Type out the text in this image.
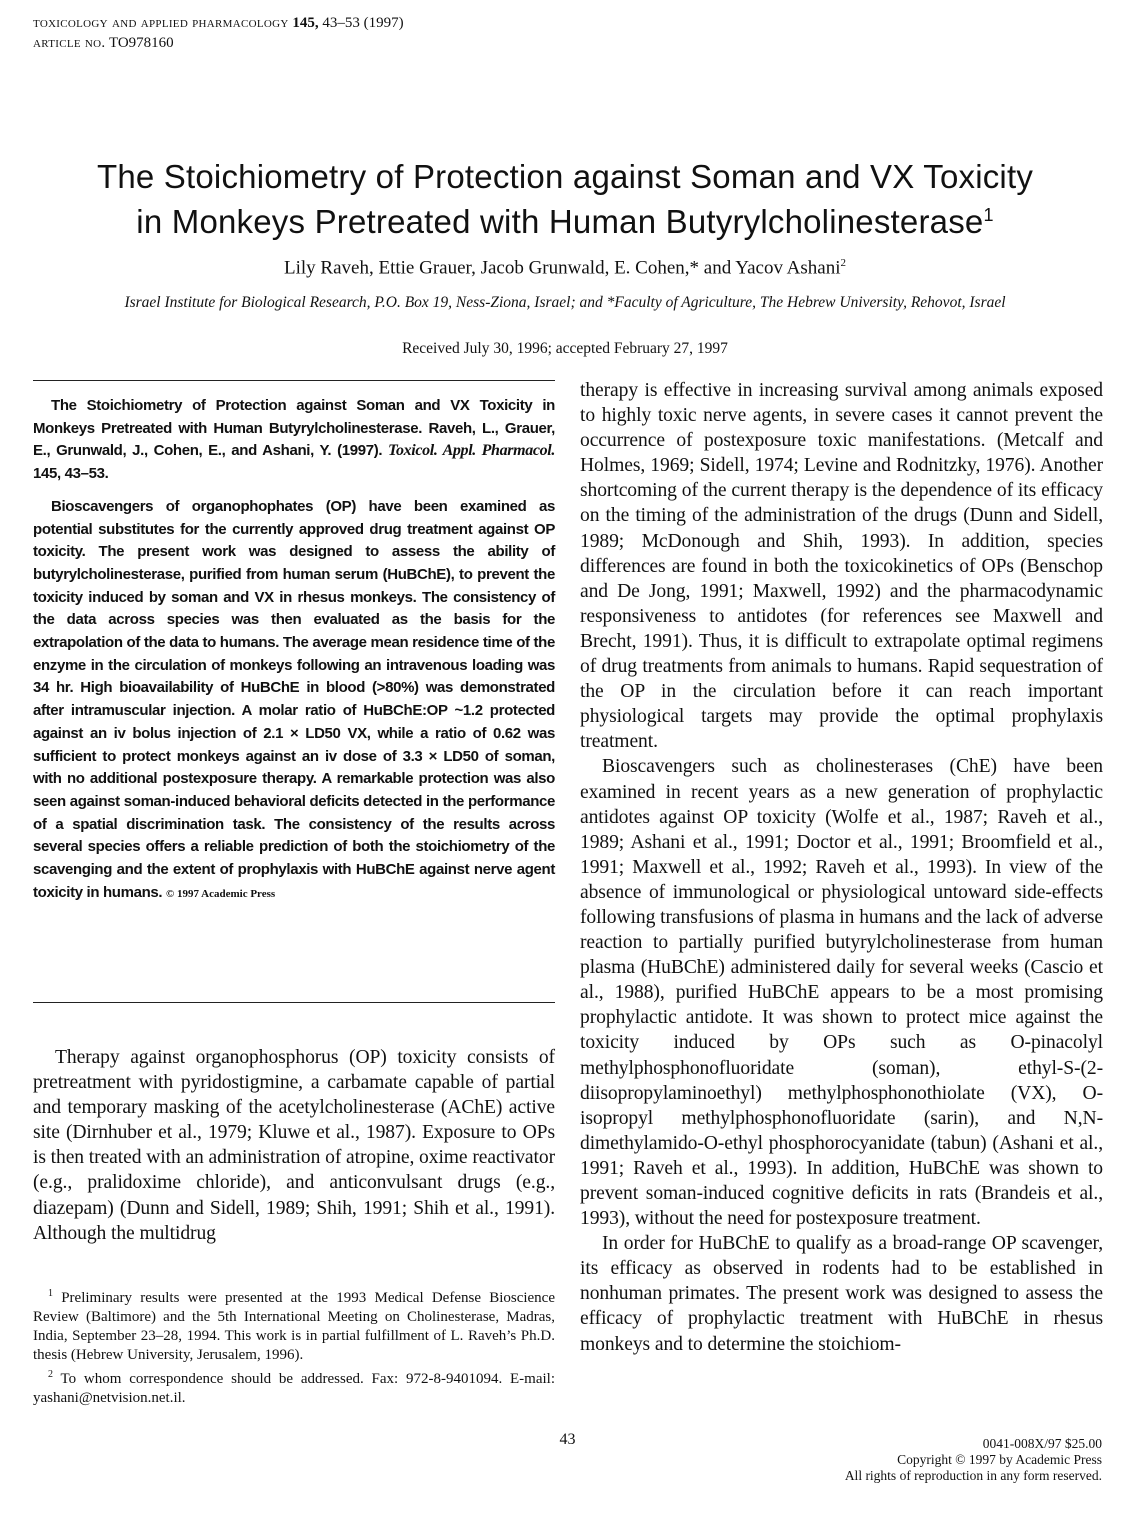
toxicology and applied pharmacology 145, 43–53 (1997)
article no. TO978160
The Stoichiometry of Protection against Soman and VX Toxicity
in Monkeys Pretreated with Human Butyrylcholinesterase$^1$
Lily Raveh, Ettie Grauer, Jacob Grunwald, E. Cohen,* and Yacov Ashani$^2$
Israel Institute for Biological Research, P.O. Box 19, Ness-Ziona, Israel; and *Faculty of Agriculture, The Hebrew University, Rehovot, Israel
Received July 30, 1996; accepted February 27, 1997

The Stoichiometry of Protection against Soman and VX Toxicity in Monkeys Pretreated with Human Butyrylcholinesterase. Raveh, L., Grauer, E., Grunwald, J., Cohen, E., and Ashani, Y. (1997). Toxicol. Appl. Pharmacol. 145, 43–53.

Bioscavengers of organophophates (OP) have been examined as potential substitutes for the currently approved drug treatment against OP toxicity. The present work was designed to assess the ability of butyrylcholinesterase, purified from human serum (HuBChE), to prevent the toxicity induced by soman and VX in rhesus monkeys. The consistency of the data across species was then evaluated as the basis for the extrapolation of the data to humans. The average mean residence time of the enzyme in the circulation of monkeys following an intravenous loading was 34 hr. High bioavailability of HuBChE in blood (>80%) was demonstrated after intramuscular injection. A molar ratio of HuBChE:OP ~1.2 protected against an iv bolus injection of 2.1 × LD50 VX, while a ratio of 0.62 was sufficient to protect monkeys against an iv dose of 3.3 × LD50 of soman, with no additional postexposure therapy. A remarkable protection was also seen against soman-induced behavioral deficits detected in the performance of a spatial discrimination task. The consistency of the results across several species offers a reliable prediction of both the stoichiometry of the scavenging and the extent of prophylaxis with HuBChE against nerve agent toxicity in humans. © 1997 Academic Press

Therapy against organophosphorus (OP) toxicity consists of pretreatment with pyridostigmine, a carbamate capable of partial and temporary masking of the acetylcholinesterase (AChE) active site (Dirnhuber et al., 1979; Kluwe et al., 1987). Exposure to OPs is then treated with an administration of atropine, oxime reactivator (e.g., pralidoxime chloride), and anticonvulsant drugs (e.g., diazepam) (Dunn and Sidell, 1989; Shih, 1991; Shih et al., 1991). Although the multidrug

therapy is effective in increasing survival among animals exposed to highly toxic nerve agents, in severe cases it cannot prevent the occurrence of postexposure toxic manifestations. (Metcalf and Holmes, 1969; Sidell, 1974; Levine and Rodnitzky, 1976). Another shortcoming of the current therapy is the dependence of its efficacy on the timing of the administration of the drugs (Dunn and Sidell, 1989; McDonough and Shih, 1993). In addition, species differences are found in both the toxicokinetics of OPs (Benschop and De Jong, 1991; Maxwell, 1992) and the pharmacodynamic responsiveness to antidotes (for references see Maxwell and Brecht, 1991). Thus, it is difficult to extrapolate optimal regimens of drug treatments from animals to humans. Rapid sequestration of the OP in the circulation before it can reach important physiological targets may provide the optimal prophylaxis treatment.

Bioscavengers such as cholinesterases (ChE) have been examined in recent years as a new generation of prophylactic antidotes against OP toxicity (Wolfe et al., 1987; Raveh et al., 1989; Ashani et al., 1991; Doctor et al., 1991; Broomfield et al., 1991; Maxwell et al., 1992; Raveh et al., 1993). In view of the absence of immunological or physiological untoward side-effects following transfusions of plasma in humans and the lack of adverse reaction to partially purified butyrylcholinesterase from human plasma (HuBChE) administered daily for several weeks (Cascio et al., 1988), purified HuBChE appears to be a most promising prophylactic antidote. It was shown to protect mice against the toxicity induced by OPs such as O-pinacolyl methylphosphonofluoridate (soman), ethyl-S-(2-diisopropylaminoethyl) methylphosphonothiolate (VX), O-isopropyl methylphosphonofluoridate (sarin), and N,N-dimethylamido-O-ethyl phosphorocyanidate (tabun) (Ashani et al., 1991; Raveh et al., 1993). In addition, HuBChE was shown to prevent soman-induced cognitive deficits in rats (Brandeis et al., 1993), without the need for postexposure treatment.

In order for HuBChE to qualify as a broad-range OP scavenger, its efficacy as observed in rodents had to be established in nonhuman primates. The present work was designed to assess the efficacy of prophylactic treatment with HuBChE in rhesus monkeys and to determine the stoichiom-

$^1$ Preliminary results were presented at the 1993 Medical Defense Bioscience Review (Baltimore) and the 5th International Meeting on Cholinesterase, Madras, India, September 23–28, 1994. This work is in partial fulfillment of L. Raveh’s Ph.D. thesis (Hebrew University, Jerusalem, 1996).

$^2$ To whom correspondence should be addressed. Fax: 972-8-9401094. E-mail: yashani@netvision.net.il.

43	0041-008X/97 $25.00
Copyright © 1997 by Academic Press
All rights of reproduction in any form reserved.
